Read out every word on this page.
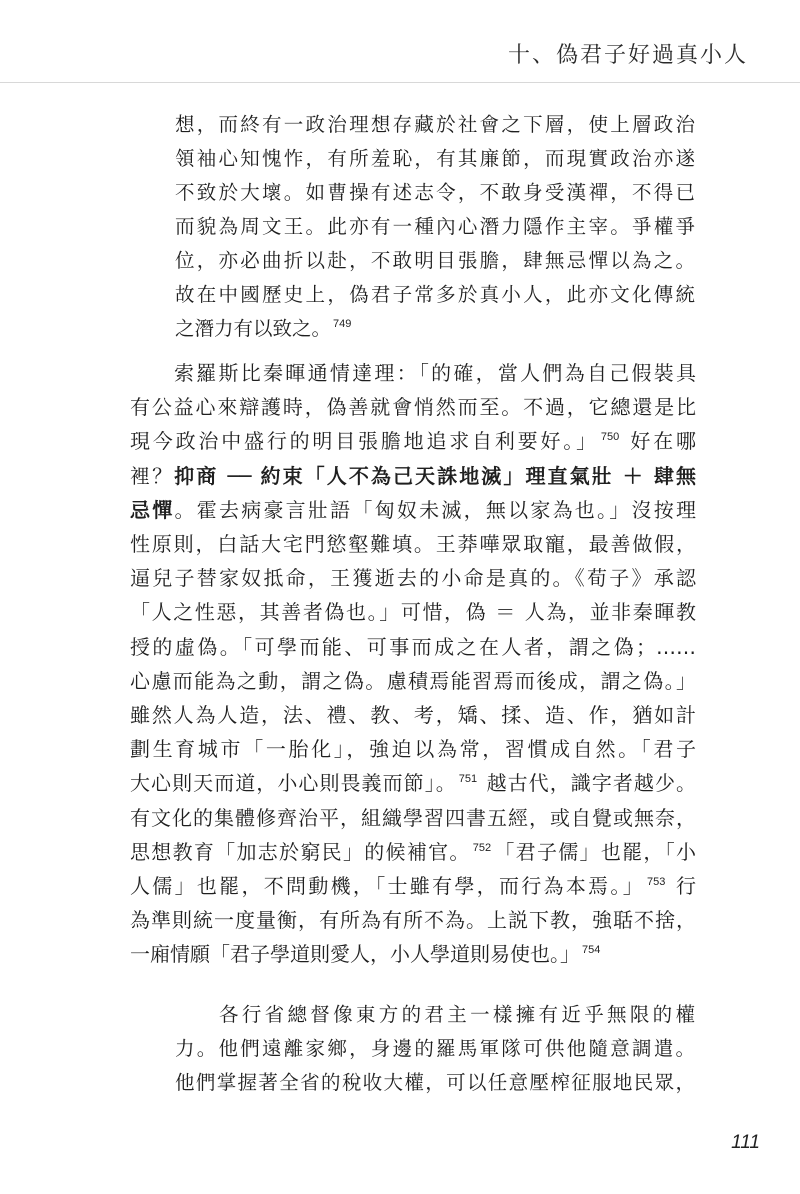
十、偽君子好過真小人
想，而終有一政治理想存藏於社會之下層，使上層政治
領袖心知愧怍，有所羞恥，有其廉節，而現實政治亦遂
不致於大壞。如曹操有述志令，不敢身受漢禪，不得已
而貌為周文王。此亦有一種內心潛力隱作主宰。爭權爭
位，亦必曲折以赴，不敢明目張膽，肆無忌憚以為之。
故在中國歷史上，偽君子常多於真小人，此亦文化傳統
之潛力有以致之。 $^{749}$
索羅斯比秦暉通情達理：「的確，當人們為自己假裝具
有公益心來辯護時，偽善就會悄然而至。不過，它總還是比
現今政治中盛行的明目張膽地追求自利要好。」 $^{750}$ 好在哪
裡？抑商 ── 約束「人不為己天誅地滅」理直氣壯 ＋ 肆無
忌憚。霍去病豪言壯語「匈奴未滅，無以家為也。」沒按理
性原則，白話大宅門慾壑難填。王莽嘩眾取寵，最善做假，
逼兒子替家奴抵命，王獲逝去的小命是真的。《荀子》承認
「人之性惡，其善者偽也。」可惜，偽 ＝ 人為，並非秦暉教
授的虛偽。「可學而能、可事而成之在人者，謂之偽；……
心慮而能為之動，謂之偽。慮積焉能習焉而後成，謂之偽。」
雖然人為人造，法、禮、教、考，矯、揉、造、作，猶如計
劃生育城市「一胎化」，強迫以為常，習慣成自然。「君子
大心則天而道，小心則畏義而節」。 $^{751}$ 越古代，識字者越少。
有文化的集體修齊治平，組織學習四書五經，或自覺或無奈，
思想教育「加志於窮民」的候補官。 $^{752}$ 「君子儒」也罷，「小
人儒」也罷，不問動機，「士雖有學，而行為本焉。」 $^{753}$ 行
為準則統一度量衡，有所為有所不為。上説下教，強聒不捨，
一廂情願「君子學道則愛人，小人學道則易使也。」 $^{754}$
各行省總督像東方的君主一樣擁有近乎無限的權
力。他們遠離家鄉，身邊的羅馬軍隊可供他隨意調遣。
他們掌握著全省的稅收大權，可以任意壓榨征服地民眾，
111
